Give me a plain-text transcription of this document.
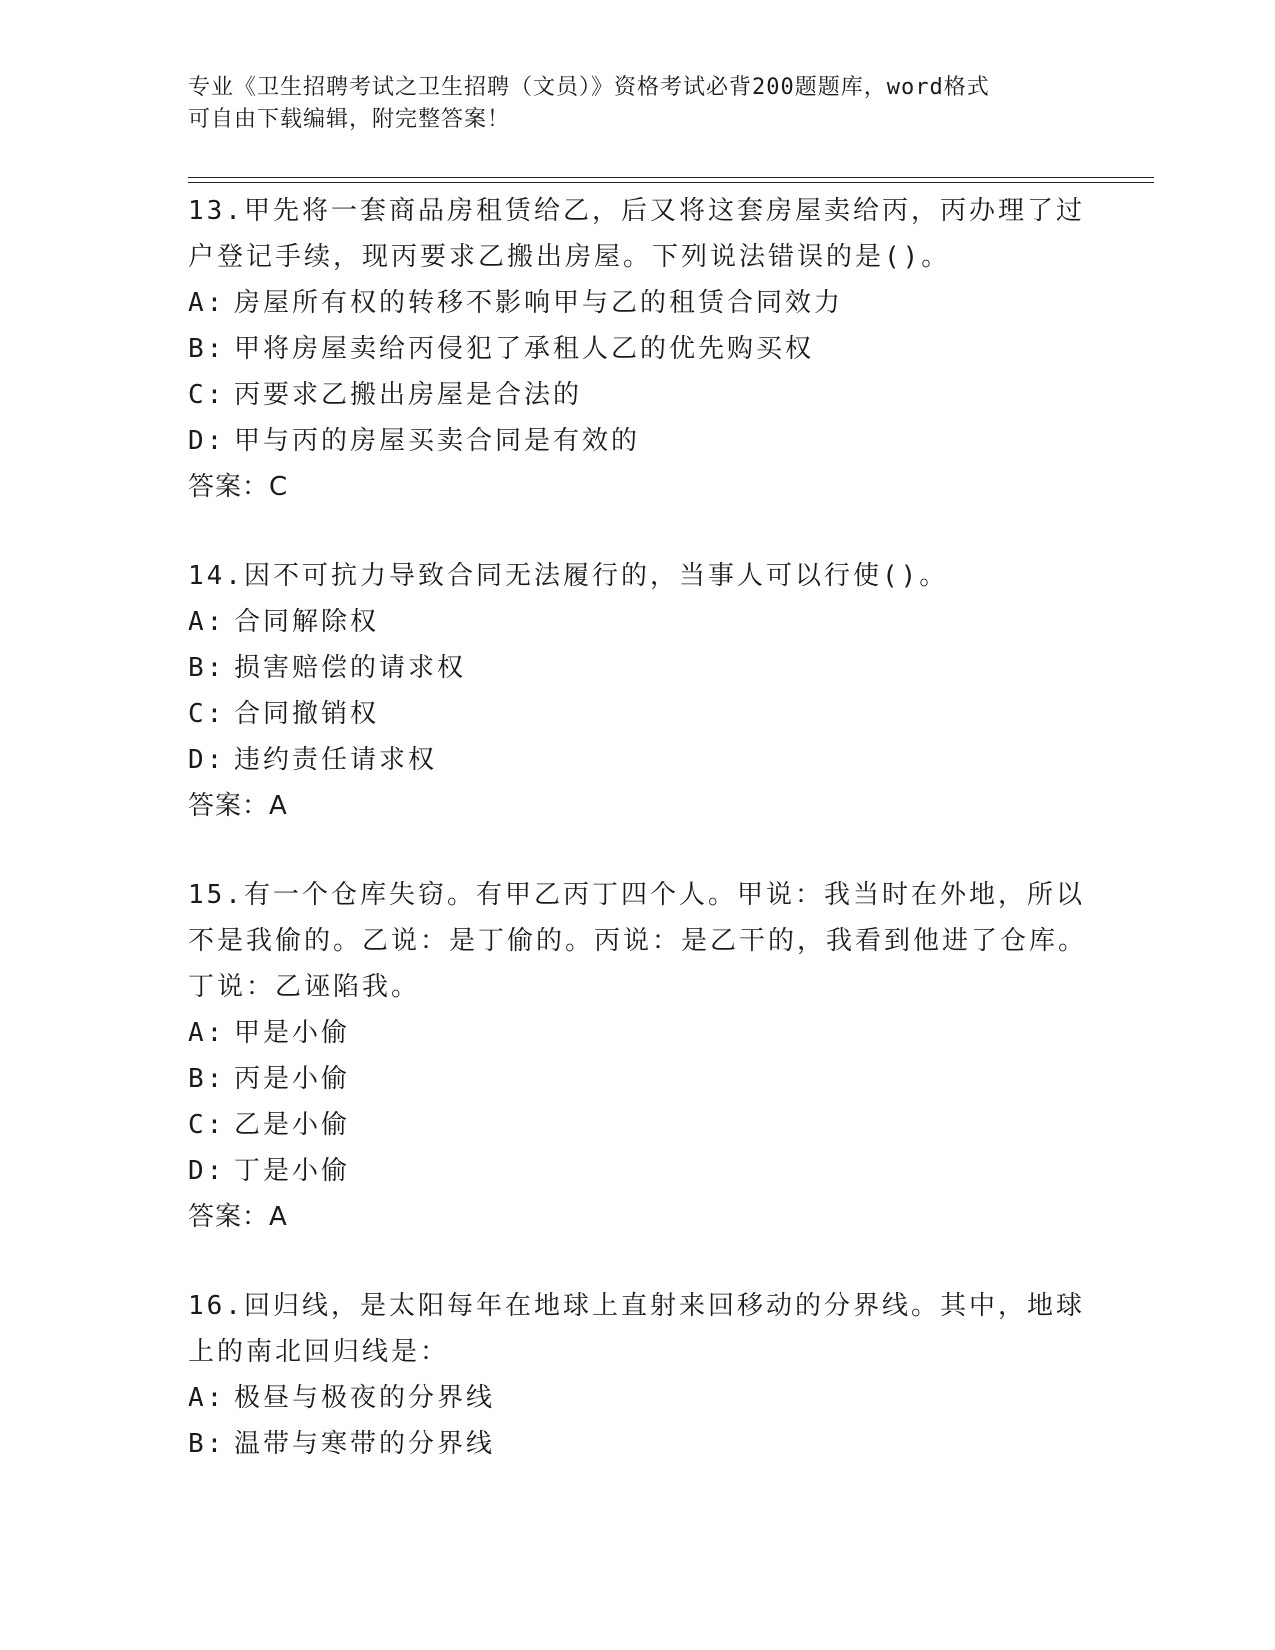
专业《卫生招聘考试之卫生招聘（文员）》资格考试必背200题题库，word格式
可自由下载编辑，附完整答案！
13.甲先将一套商品房租赁给乙，后又将这套房屋卖给丙，丙办理了过户登记手续，现丙要求乙搬出房屋。下列说法错误的是()。
A: 房屋所有权的转移不影响甲与乙的租赁合同效力
B: 甲将房屋卖给丙侵犯了承租人乙的优先购买权
C: 丙要求乙搬出房屋是合法的
D: 甲与丙的房屋买卖合同是有效的
答案：C
14.因不可抗力导致合同无法履行的，当事人可以行使()。
A: 合同解除权
B: 损害赔偿的请求权
C: 合同撤销权
D: 违约责任请求权
答案：A
15.有一个仓库失窃。有甲乙丙丁四个人。甲说：我当时在外地，所以不是我偷的。乙说：是丁偷的。丙说：是乙干的，我看到他进了仓库。丁说：乙诬陷我。
A: 甲是小偷
B: 丙是小偷
C: 乙是小偷
D: 丁是小偷
答案：A
16.回归线，是太阳每年在地球上直射来回移动的分界线。其中，地球上的南北回归线是：
A: 极昼与极夜的分界线
B: 温带与寒带的分界线
